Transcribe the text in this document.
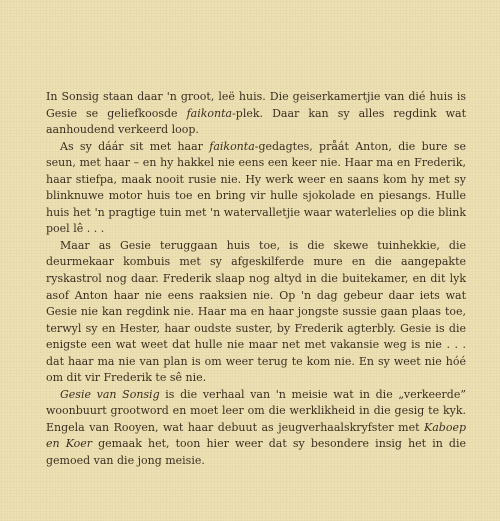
In Sonsig staan daar 'n groot, leë huis. Die geiserkamertjie van dié huis is Gesie se geliefkoosde faikonta-plek. Daar kan sy alles regdink wat aanhoudend verkeerd loop.

As sy dáár sit met haar faikonta-gedagtes, pråát Anton, die bure se seun, met haar – en hy hakkel nie eens een keer nie. Haar ma en Frederik, haar stiefpa, maak nooit rusie nie. Hy werk weer en saans kom hy met sy blinknuwe motor huis toe en bring vir hulle sjokolade en piesangs. Hulle huis het 'n pragtige tuin met 'n watervalletjie waar waterlelies op die blink poel lê . . .

Maar as Gesie teruggaan huis toe, is die skewe tuinhekkie, die deurmekaar kombuis met sy afgeskilferde mure en die aangepakte ryskastrol nog daar. Frederik slaap nog altyd in die buitekamer, en dit lyk asof Anton haar nie eens raaksien nie. Op 'n dag gebeur daar iets wat Gesie nie kan regdink nie. Haar ma en haar jongste sussie gaan plaas toe, terwyl sy en Hester, haar oudste suster, by Frederik agterbly. Gesie is die enigste een wat weet dat hulle nie maar net met vakansie weg is nie . . . dat haar ma nie van plan is om weer terug te kom nie. En sy weet nie hóé om dit vir Frederik te sê nie.

Gesie van Sonsig is die verhaal van 'n meisie wat in die „verkeerde” woonbuurt grootword en moet leer om die werklikheid in die gesig te kyk. Engela van Rooyen, wat haar debuut as jeugverhaalskryfster met Kaboep en Koer gemaak het, toon hier weer dat sy besondere insig het in die gemoed van die jong meisie.
